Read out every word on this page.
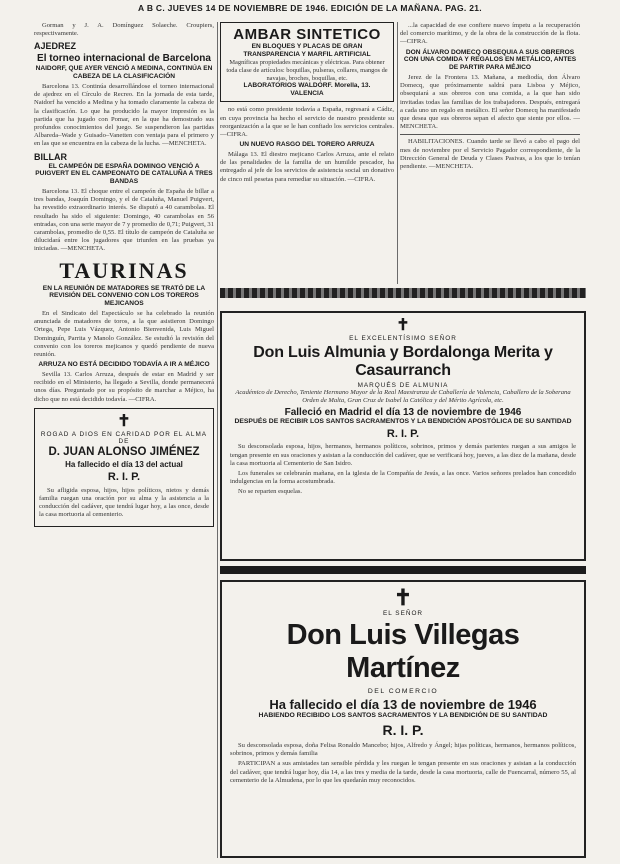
A B C. JUEVES 14 DE NOVIEMBRE DE 1946. EDICIÓN DE LA MAÑANA. PAG. 21.

Gorman y J. A. Domínguez Solaeche. Croupiers, respectivamente.

AJEDREZ
El torneo internacional de Barcelona
NAIDORF, QUE AYER VENCIÓ A MEDINA, CONTINÚA EN CABEZA DE LA CLASIFICACIÓN

Barcelona 13. Continúa desarrollándose el torneo internacional de ajedrez en el Círculo de Recreo. En la jornada de esta tarde, Naidorf ha vencido a Medina y ha tomado claramente la cabeza de la clasificación. Lo que ha producido la mayor impresión es la partida que ha jugado con Pomar, en la que ha demostrado sus profundos conocimientos del juego. Se suspendieron las partidas Albareda–Wade y Guisado–Vanetten con ventaja para el primero y en las que se encuentra en la cabeza de la lucha. —MENCHETA.

BILLAR
EL CAMPEÓN DE ESPAÑA DOMINGO VENCIÓ A PUIGVERT EN EL CAMPEONATO DE CATALUÑA A TRES BANDAS

Barcelona 13. El choque entre el campeón de España de billar a tres bandas, Joaquín Domingo, y el de Cataluña, Manuel Puigvert, ha revestido extraordinario interés. Se disputó a 40 carambolas. El resultado ha sido el siguiente: Domingo, 40 carambolas en 56 entradas, con una serie mayor de 7 y promedio de 0,71; Puigvert, 31 carambolas, promedio de 0,55. El título de campeón de Cataluña se dilucidará entre los jugadores que triunfen en las pruebas ya iniciadas. —MENCHETA.

TAURINAS
EN LA REUNIÓN DE MATADORES SE TRATÓ DE LA REVISIÓN DEL CONVENIO CON LOS TOREROS MEJICANOS

En el Sindicato del Espectáculo se ha celebrado la reunión anunciada de matadores de toros, a la que asistieron Domingo Ortega, Pepe Luis Vázquez, Antonio Bienvenida, Luis Miguel Dominguín, Parrita y Manolo González. Se estudió la revisión del convenio con los toreros mejicanos y quedó pendiente de nueva reunión.

ARRUZA NO ESTÁ DECIDIDO TODAVÍA A IR A MÉJICO

Sevilla 13. Carlos Arruza, después de estar en Madrid y ser recibido en el Ministerio, ha llegado a Sevilla, donde permanecerá unos días. Preguntado por su propósito de marchar a Méjico, ha dicho que no está decidido todavía. —CIFRA.

✝
ROGAD A DIOS EN CARIDAD POR EL ALMA DE
D. JUAN ALONSO JIMÉNEZ
Ha fallecido el día 13 del actual
R. I. P.

Su afligida esposa, hijos, hijos políticos, nietos y demás familia ruegan una oración por su alma y la asistencia a la conducción del cadáver, que tendrá lugar hoy, a las once, desde la casa mortuoria al cementerio.

AMBAR SINTETICO
EN BLOQUES Y PLACAS DE GRAN
TRANSPARENCIA Y MARFIL ARTIFICIAL
Magníficas propiedades mecánicas y eléctricas. Para obtener toda clase de artículos: boquillas, pulseras, collares, mangos de navajas, broches, boquillas, etc.
LABORATORIOS WALDORF. Morella, 13.
VALENCIA

no está como presidente todavía a España, regresará a Cádiz, en cuya provincia ha hecho el servicio de nuestro presidente su reorganización a la que se le han confiado los servicios centrales. —CIFRA.

UN NUEVO RASGO DEL TORERO ARRUZA

Málaga 13. El diestro mejicano Carlos Arruza, ante el relato de las penalidades de la familia de un humilde pescador, ha entregado al jefe de los servicios de asistencia social un donativo de cinco mil pesetas para remediar su situación. —CIFRA.

...la capacidad de ese confiere nuevo ímpetu a la recuperación del comercio marítimo, y de la obra de la construcción de la flota. —CIFRA.

DON ÁLVARO DOMECQ OBSEQUIA A SUS OBREROS CON UNA COMIDA Y REGALOS EN METÁLICO, ANTES DE PARTIR PARA MÉJICO

Jerez de la Frontera 13. Mañana, a mediodía, don Álvaro Domecq, que próximamente saldrá para Lisboa y Méjico, obsequiará a sus obreros con una comida, a la que han sido invitadas todas las familias de los trabajadores. Después, entregará a cada uno un regalo en metálico. El señor Domecq ha manifestado que desea que sus obreros sepan el afecto que siente por ellos. —MENCHETA.

HABILITACIONES. Cuando tarde se llevó a cabo el pago del mes de noviembre por el Servicio Pagador correspondiente, de la Dirección General de Deuda y Clases Pasivas, a los que lo tenían pendiente. —MENCHETA.

✝
EL EXCELENTÍSIMO SEÑOR
Don Luis Almunia y Bordalonga Merita y Casaurranch
MARQUÉS DE ALMUNIA

Académico de Derecho, Teniente Hermano Mayor de la Real Maestranza de Caballería de Valencia, Caballero de la Soberana Orden de Malta, Gran Cruz de Isabel la Católica y del Mérito Agrícola, etc.

Falleció en Madrid el día 13 de noviembre de 1946
DESPUÉS DE RECIBIR LOS SANTOS SACRAMENTOS Y LA BENDICIÓN APOSTÓLICA DE SU SANTIDAD
R. I. P.

Su desconsolada esposa, hijos, hermanos, hermanos políticos, sobrinos, primos y demás parientes ruegan a sus amigos le tengan presente en sus oraciones y asistan a la conducción del cadáver, que se verificará hoy, jueves, a las diez de la mañana, desde la casa mortuoria al Cementerio de San Isidro.

Los funerales se celebrarán mañana, en la iglesia de la Compañía de Jesús, a las once. Varios señores prelados han concedido indulgencias en la forma acostumbrada.

No se reparten esquelas.

✝
EL SEÑOR
Don Luis Villegas Martínez
DEL COMERCIO
Ha fallecido el día 13 de noviembre de 1946
HABIENDO RECIBIDO LOS SANTOS SACRAMENTOS Y LA BENDICIÓN DE SU SANTIDAD
R. I. P.

Su desconsolada esposa, doña Felisa Ronaldo Mancebo; hijos, Alfredo y Ángel; hijas políticas, hermanos, hermanos políticos, sobrinos, primos y demás familia

PARTICIPAN a sus amistades tan sensible pérdida y les ruegan le tengan presente en sus oraciones y asistan a la conducción del cadáver, que tendrá lugar hoy, día 14, a las tres y media de la tarde, desde la casa mortuoria, calle de Fuencarral, número 55, al cementerio de la Almudena, por lo que les quedarán muy reconocidos.
